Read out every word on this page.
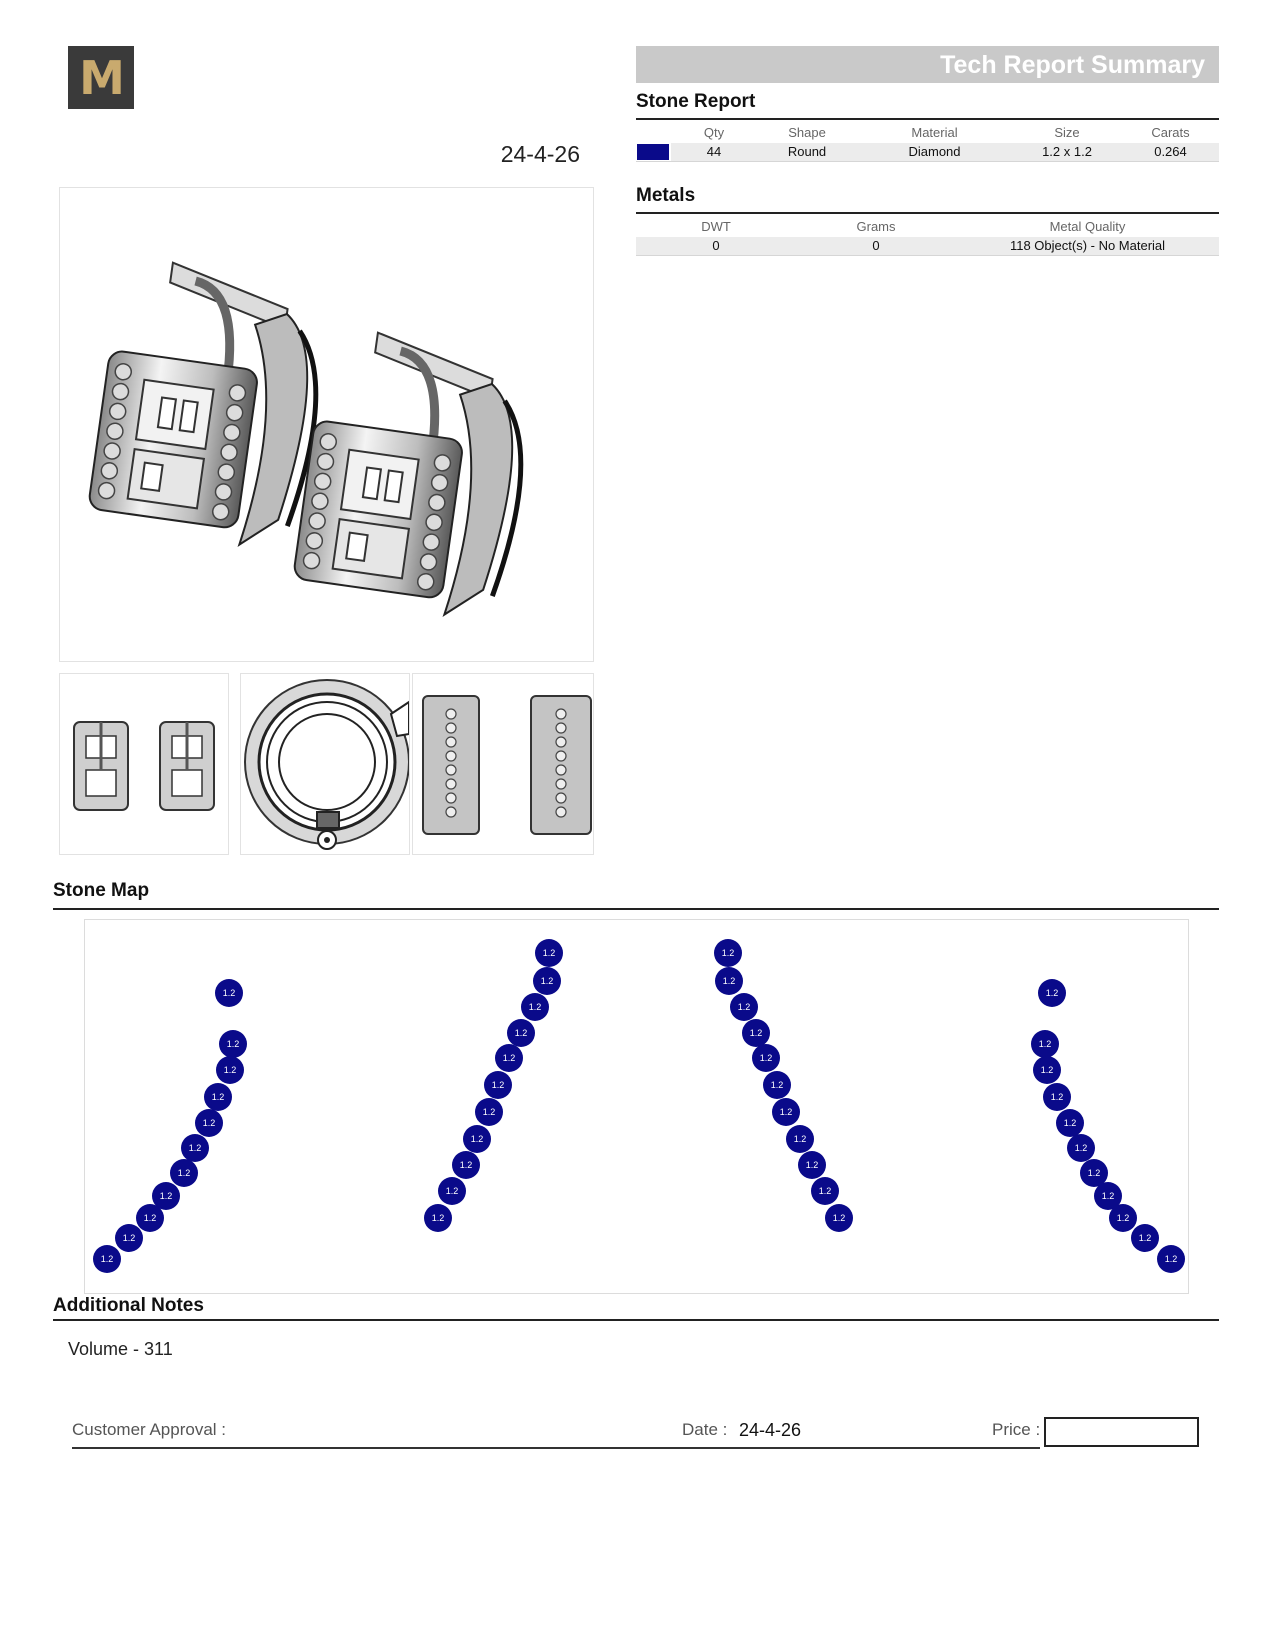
M
24-4-26
Tech Report Summary
Stone Report
	Qty	Shape	Material	Size	Carats

	44	Round	Diamond	1.2 x 1.2	0.264
Metals
DWT	Grams	Metal Quality
0	0	118 Object(s) - No Material
Stone Map
1.2
1.2
1.2
1.2
1.2
1.2
1.2
1.2
1.2
1.2
1.2
1.2
1.2
1.2
1.2
1.2
1.2
1.2
1.2
1.2
1.2
1.2
1.2
1.2
1.2
1.2
1.2
1.2
1.2
1.2
1.2
1.2
1.2
1.2
1.2
1.2
1.2
1.2
1.2
1.2
1.2
1.2
1.2
1.2
Additional Notes
Volume - 311
Customer Approval :	Date : 24-4-26	Price :
